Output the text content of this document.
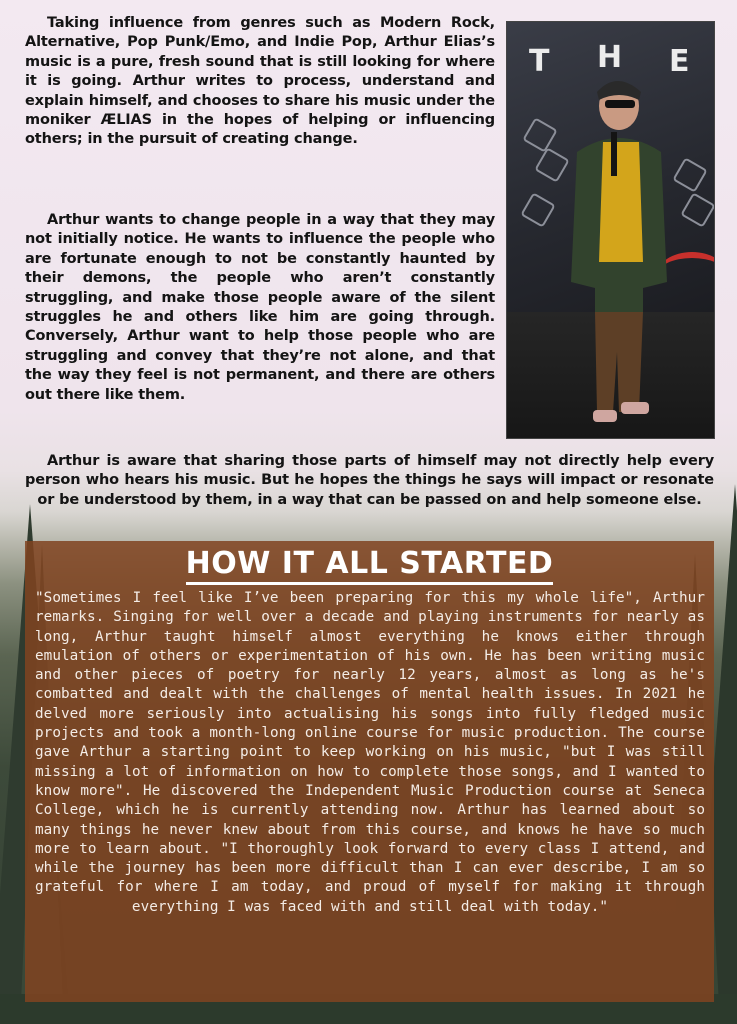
Taking influence from genres such as Modern Rock, Alternative, Pop Punk/Emo, and Indie Pop, Arthur Elias’s music is a pure, fresh sound that is still looking for where it is going. Arthur writes to process, understand and explain himself, and chooses to share his music under the moniker ÆLIAS in the hopes of helping or influencing others; in the pursuit of creating change.

Arthur wants to change people in a way that they may not initially notice. He wants to influence the people who are fortunate enough to not be constantly haunted by their demons, the people who aren’t constantly struggling, and make those people aware of the silent struggles he and others like him are going through. Conversely, Arthur want to help those people who are struggling and convey that they’re not alone, and that the way they feel is not permanent, and there are others out there like them.

Arthur is aware that sharing those parts of himself may not directly help every person who hears his music. But he hopes the things he says will impact or resonate or be understood by them, in a way that can be passed on and help someone else.

T H E
HOW IT ALL STARTED

"Sometimes I feel like I’ve been preparing for this my whole life", Arthur remarks. Singing for well over a decade and playing instruments for nearly as long, Arthur taught himself almost everything he knows either through emulation of others or experimentation of his own. He has been writing music and other pieces of poetry for nearly 12 years, almost as long as he's combatted and dealt with the challenges of mental health issues. In 2021 he delved more seriously into actualising his songs into fully fledged music projects and took a month-long online course for music production. The course gave Arthur a starting point to keep working on his music, "but I was still missing a lot of information on how to complete those songs, and I wanted to know more". He discovered the Independent Music Production course at Seneca College, which he is currently attending now. Arthur has learned about so many things he never knew about from this course, and knows he have so much more to learn about. "I thoroughly look forward to every class I attend, and while the journey has been more difficult than I can ever describe, I am so grateful for where I am today, and proud of myself for making it through everything I was faced with and still deal with today."
